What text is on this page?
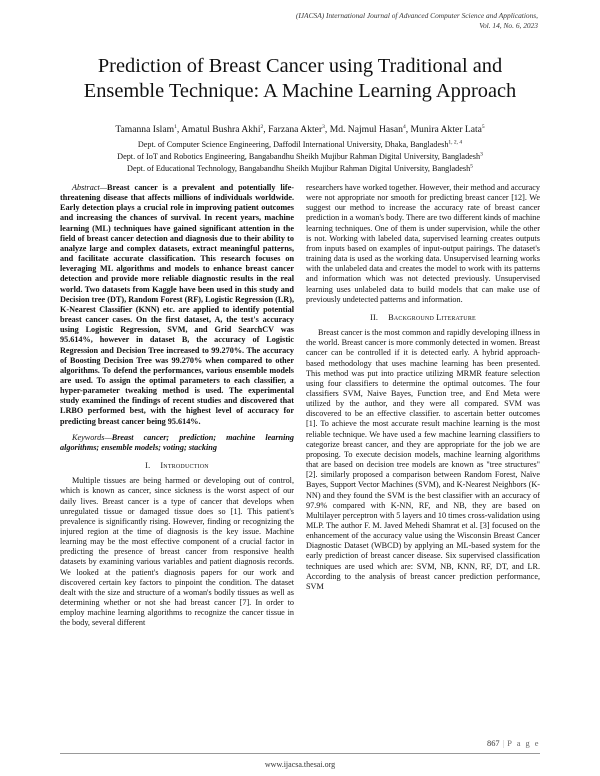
(IJACSA) International Journal of Advanced Computer Science and Applications,
Vol. 14, No. 6, 2023
Prediction of Breast Cancer using Traditional and
Ensemble Technique: A Machine Learning Approach
Tamanna Islam$^1$, Amatul Bushra Akhi$^2$, Farzana Akter$^3$, Md. Najmul Hasan$^4$, Munira Akter Lata$^5$
Dept. of Computer Science Engineering, Daffodil International University, Dhaka, Bangladesh$^{1, 2, 4}$
Dept. of IoT and Robotics Engineering, Bangabandhu Sheikh Mujibur Rahman Digital University, Bangladesh$^3$
Dept. of Educational Technology, Bangabandhu Sheikh Mujibur Rahman Digital University, Bangladesh$^5$

Abstract—Breast cancer is a prevalent and potentially life-threatening disease that affects millions of individuals worldwide. Early detection plays a crucial role in improving patient outcomes and increasing the chances of survival. In recent years, machine learning (ML) techniques have gained significant attention in the field of breast cancer detection and diagnosis due to their ability to analyze large and complex datasets, extract meaningful patterns, and facilitate accurate classification. This research focuses on leveraging ML algorithms and models to enhance breast cancer detection and provide more reliable diagnostic results in the real world. Two datasets from Kaggle have been used in this study and Decision tree (DT), Random Forest (RF), Logistic Regression (LR), K-Nearest Classifier (KNN) etc. are applied to identify potential breast cancer cases. On the first dataset, A, the test's accuracy using Logistic Regression, SVM, and Grid SearchCV was 95.614%, however in dataset B, the accuracy of Logistic Regression and Decision Tree increased to 99.270%. The accuracy of Boosting Decision Tree was 99.270% when compared to other algorithms. To defend the performances, various ensemble models are used. To assign the optimal parameters to each classifier, a hyper-parameter tweaking method is used. The experimental study examined the findings of recent studies and discovered that LRBO performed best, with the highest level of accuracy for predicting breast cancer being 95.614%.

Keywords—Breast cancer; prediction; machine learning algorithms; ensemble models; voting; stacking

I. Introduction

Multiple tissues are being harmed or developing out of control, which is known as cancer, since sickness is the worst aspect of our daily lives. Breast cancer is a type of cancer that develops when unregulated tissue or damaged tissue does so [1]. This patient's prevalence is significantly rising. However, finding or recognizing the injured region at the time of diagnosis is the key issue. Machine learning may be the most effective component of a crucial factor in predicting the presence of breast cancer from responsive health datasets by examining various variables and patient diagnosis records. We looked at the patient's diagnosis papers for our work and discovered certain key factors to pinpoint the condition. The dataset dealt with the size and structure of a woman's bodily tissues as well as determining whether or not she had breast cancer [7]. In order to employ machine learning algorithms to recognize the cancer tissue in the body, several different

researchers have worked together. However, their method and accuracy were not appropriate nor smooth for predicting breast cancer [12]. We suggest our method to increase the accuracy rate of breast cancer prediction in a woman's body. There are two different kinds of machine learning techniques. One of them is under supervision, while the other is not. Working with labeled data, supervised learning creates outputs from inputs based on examples of input-output pairings. The dataset's training data is used as the working data. Unsupervised learning works with the unlabeled data and creates the model to work with its patterns and information which was not detected previously. Unsupervised learning uses unlabeled data to build models that can make use of previously undetected patterns and information.

II. Background Literature

Breast cancer is the most common and rapidly developing illness in the world. Breast cancer is more commonly detected in women. Breast cancer can be controlled if it is detected early. A hybrid approach-based methodology that uses machine learning has been presented. This method was put into practice utilizing MRMR feature selection using four classifiers to determine the optimal outcomes. The four classifiers SVM, Naive Bayes, Function tree, and End Meta were utilized by the author, and they were all compared. SVM was discovered to be an effective classifier. to ascertain better outcomes [1]. To achieve the most accurate result machine learning is the most reliable technique. We have used a few machine learning classifiers to categorize breast cancer, and they are appropriate for the job we are proposing. To execute decision models, machine learning algorithms that are based on decision tree models are known as "tree structures" [2]. similarly proposed a comparison between Random Forest, Naïve Bayes, Support Vector Machines (SVM), and K-Nearest Neighbors (K-NN) and they found the SVM is the best classifier with an accuracy of 97.9% compared with K-NN, RF, and NB, they are based on Multilayer perceptron with 5 layers and 10 times cross-validation using MLP. The author F. M. Javed Mehedi Shamrat et al. [3] focused on the enhancement of the accuracy value using the Wisconsin Breast Cancer Diagnostic Dataset (WBCD) by applying an ML-based system for the early prediction of breast cancer disease. Six supervised classification techniques are used which are: SVM, NB, KNN, RF, DT, and LR. According to the analysis of breast cancer prediction performance, SVM

867 | P a g e
www.ijacsa.thesai.org
